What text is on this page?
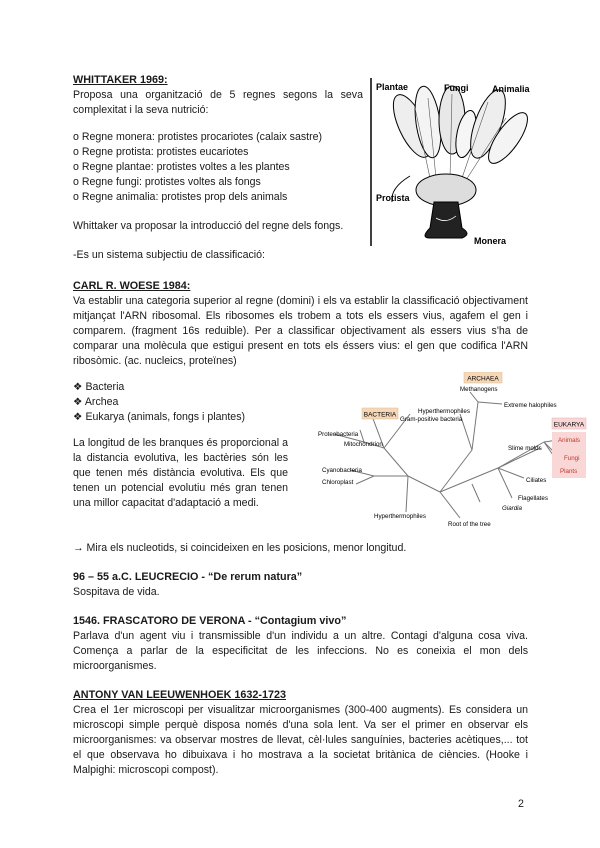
WHITTAKER 1969:
Proposa una organització de 5 regnes segons la seva complexitat i la seva nutrició:
o Regne monera: protistes procariotes (calaix sastre)
o Regne protista: protistes eucariotes
o Regne plantae: protistes voltes a les plantes
o Regne fungi: protistes voltes als fongs
o Regne animalia: protistes prop dels animals
Whittaker va proposar la introducció del regne dels fongs.
-Es un sistema subjectiu de classificació:
Plantae	Fungi	Animalia
Protista
Monera
CARL R. WOESE 1984:
Va establir una categoria superior al regne (domini) i els va establir la classificació objectivament mitjançat l'ARN ribosomal. Els ribosomes els trobem a tots els essers vius, agafem el gen i comparem. (fragment 16s reduible). Per a classificar objectivament als essers vius s'ha de comparar una molècula que estigui present en tots els éssers vius: el gen que codifica l'ARN ribosòmic. (ac. nucleics, proteïnes)
❖ Bacteria
❖ Archea
❖ Eukarya (animals, fongs i plantes)
La longitud de les branques és proporcional a la distancia evolutiva, les bactèries són les que tenen més distància evolutiva. Els que tenen un potencial evolutiu més gran tenen una millor capacitat d'adaptació a medi.
ARCHAEA
BACTERIA
EUKARYA
Methanogens
Extreme halophiles
Hyperthermophiles
Gram-positive bacteria
Proteobacteria
Mitochondrion
Cyanobacteria
Chloroplast
Hyperthermophiles
Animals
Fungi
Plants
Slime molds
Ciliates
Flagellates
Giardia
Root of the tree
→ Mira els nucleotids, si coincideixen en les posicions, menor longitud.
96 – 55 a.C. LEUCRECIO - “De rerum natura”
Sospitava de vida.
1546. FRASCATORO DE VERONA - “Contagium vivo”
Parlava d'un agent viu i transmissible d'un individu a un altre. Contagi d'alguna cosa viva. Comença a parlar de la especificitat de les infeccions. No es coneixia el mon dels microorganismes.
ANTONY VAN LEEUWENHOEK 1632-1723
Crea el 1er microscopi per visualitzar microorganismes (300-400 augments). Es considera un microscopi simple perquè disposa només d'una sola lent. Va ser el primer en observar els microorganismes: va observar mostres de llevat, cèl·lules sanguínies, bacteries acètiques,... tot el que observava ho dibuixava i ho mostrava a la societat britànica de ciències. (Hooke i Malpighi: microscopi compost).
2
